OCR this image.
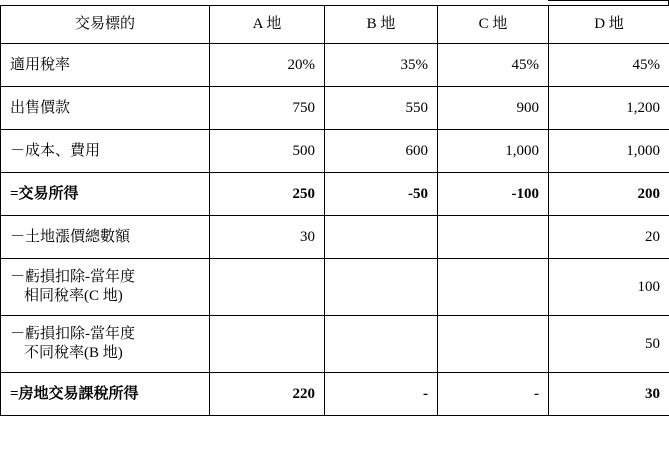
交易標的	A 地	B 地	C 地	D 地
適用稅率	20%	35%	45%	45%
出售價款	750	550	900	1,200
－成本、費用	500	600	1,000	1,000
=交易所得	250	-50	-100	200
－土地漲價總數額	30			20

－虧損扣除-當年度
相同稅率(C 地)				100

－虧損扣除-當年度
不同稅率(B 地)				50
=房地交易課稅所得	220	-	-	30
